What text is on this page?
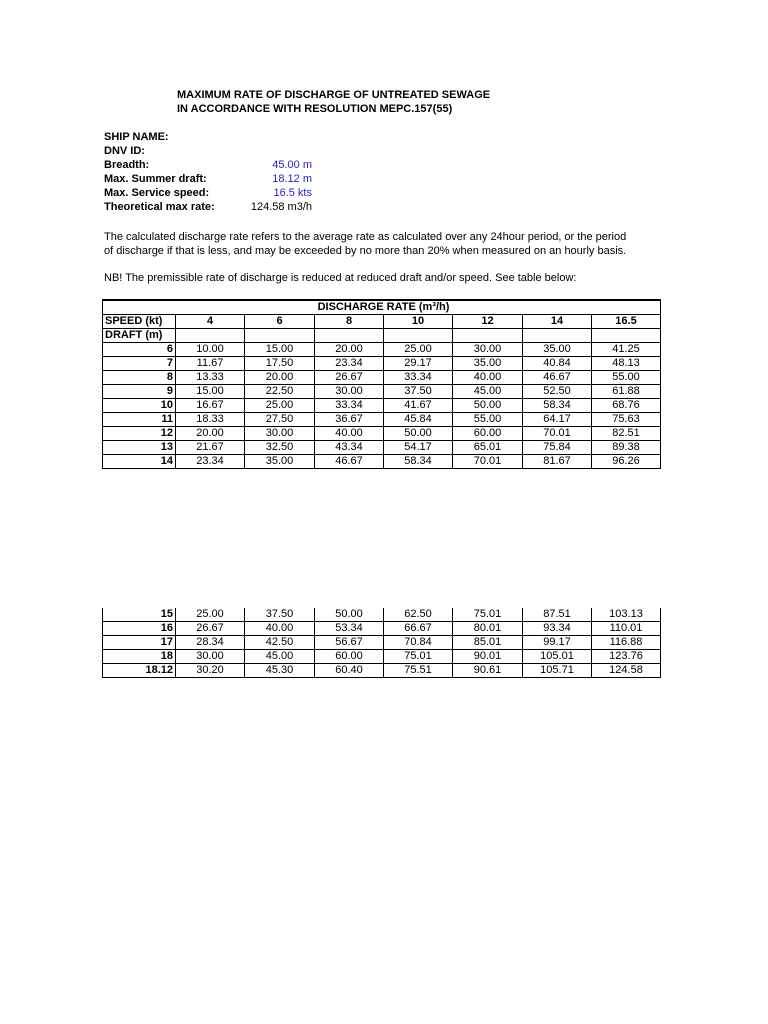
MAXIMUM RATE OF DISCHARGE OF UNTREATED SEWAGE
IN ACCORDANCE WITH RESOLUTION MEPC.157(55)
SHIP NAME:
DNV ID:
Breadth:	45.00 m
Max. Summer draft:	18.12 m
Max. Service speed:	16.5 kts
Theoretical max rate:	124.58 m3/h
The calculated discharge rate refers to the average rate as calculated over any 24hour period, or the period
of discharge if that is less, and may be exceeded by no more than 20% when measured on an hourly basis.
NB! The premissible rate of discharge is reduced at reduced draft and/or speed. See table below:
		DISCHARGE RATE (m³/h)					
SPEED (kt)	4	6	8	10	12	14	16.5
DRAFT (m)							
6	10.00	15.00	20.00	25.00	30.00	35.00	41.25
7	11.67	17.50	23.34	29.17	35.00	40.84	48.13
8	13.33	20.00	26.67	33.34	40.00	46.67	55.00
9	15.00	22.50	30.00	37.50	45.00	52.50	61.88
10	16.67	25.00	33.34	41.67	50.00	58.34	68.76
11	18.33	27.50	36.67	45.84	55.00	64.17	75.63
12	20.00	30.00	40.00	50.00	60.00	70.01	82.51
13	21.67	32.50	43.34	54.17	65.01	75.84	89.38
14	23.34	35.00	46.67	58.34	70.01	81.67	96.26
15	25.00	37.50	50.00	62.50	75.01	87.51	103.13
16	26.67	40.00	53.34	66.67	80.01	93.34	110.01
17	28.34	42.50	56.67	70.84	85.01	99.17	116.88
18	30.00	45.00	60.00	75.01	90.01	105.01	123.76
18.12	30.20	45.30	60.40	75.51	90.61	105.71	124.58
